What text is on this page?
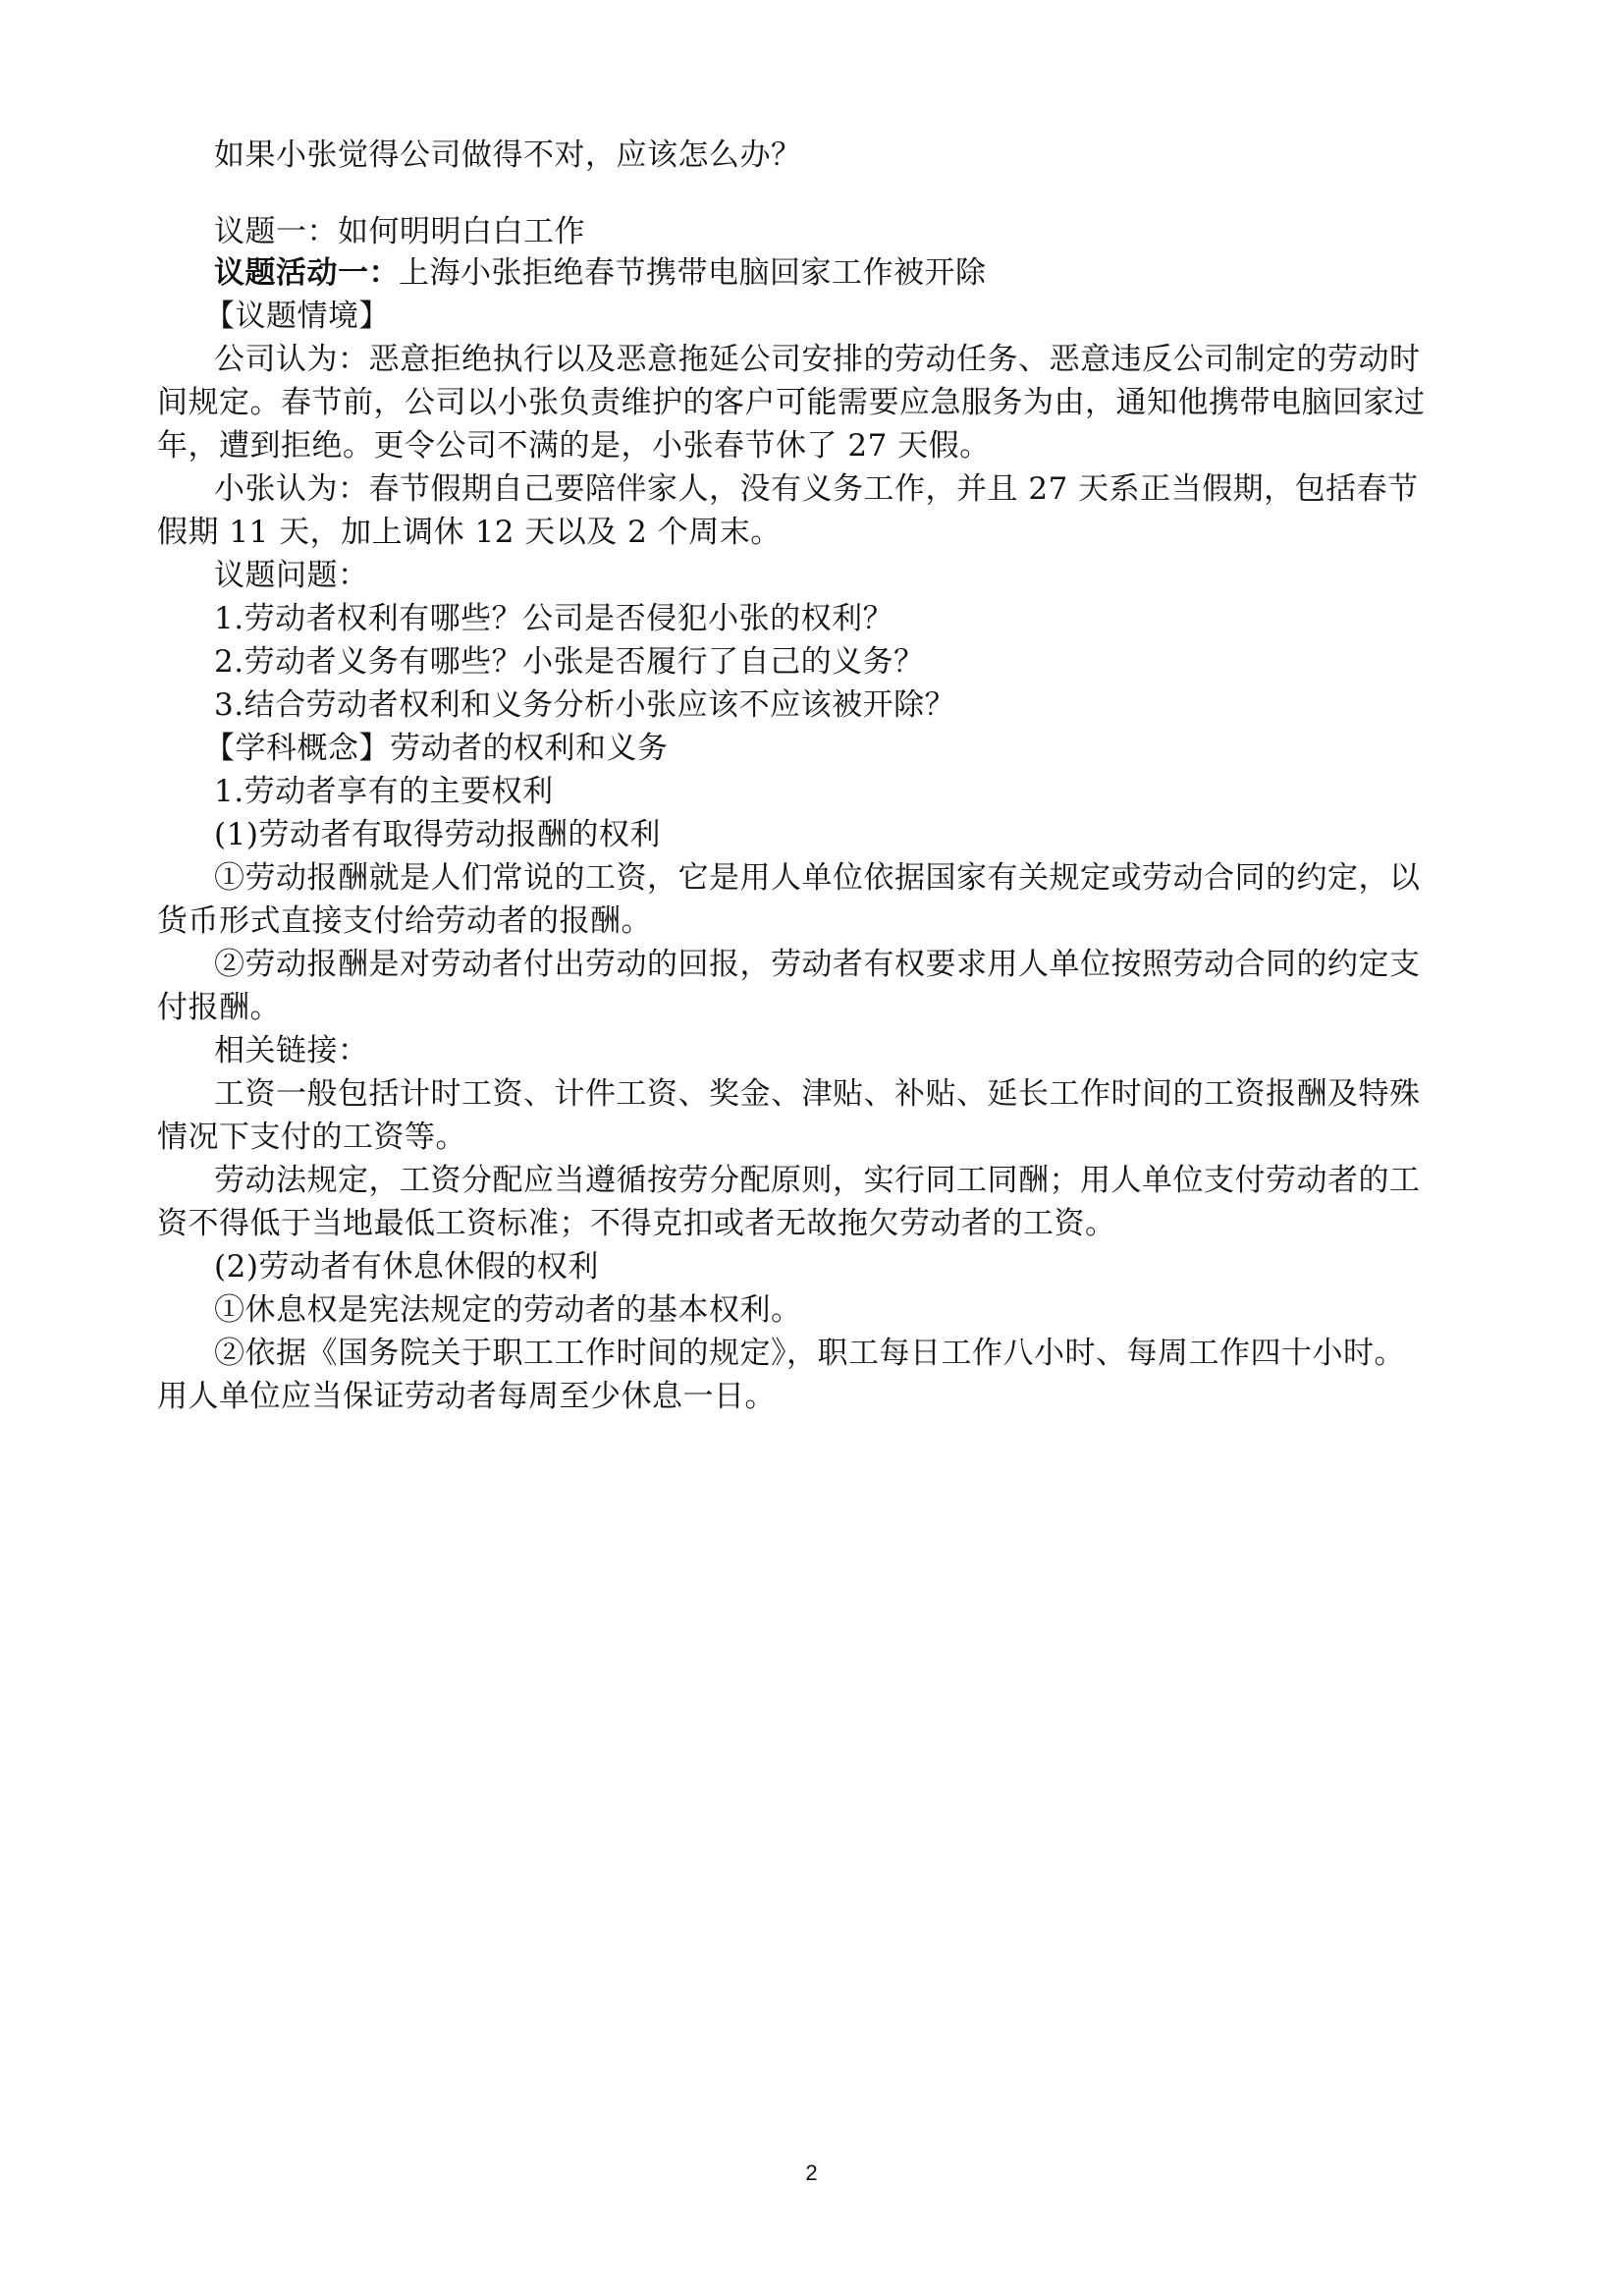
如果小张觉得公司做得不对，应该怎么办？
议题一：如何明明白白工作
议题活动一： 上海小张拒绝春节携带电脑回家工作被开除
【议题情境】
公司认为：恶意拒绝执行以及恶意拖延公司安排的劳动任务、恶意违反公司制定的劳动时
间规定。春节前，公司以小张负责维护的客户可能需要应急服务为由，通知他携带电脑回家过
年，遭到拒绝。更令公司不满的是，小张春节休了 27 天假。
小张认为：春节假期自己要陪伴家人，没有义务工作，并且 27 天系正当假期，包括春节
假期 11 天，加上调休 12 天以及 2 个周末。
议题问题：
1.劳动者权利有哪些？公司是否侵犯小张的权利？
2.劳动者义务有哪些？小张是否履行了自己的义务？
3.结合劳动者权利和义务分析小张应该不应该被开除？
【学科概念】劳动者的权利和义务
1.劳动者享有的主要权利
(1)劳动者有取得劳动报酬的权利
①劳动报酬就是人们常说的工资，它是用人单位依据国家有关规定或劳动合同的约定，以
货币形式直接支付给劳动者的报酬。
②劳动报酬是对劳动者付出劳动的回报，劳动者有权要求用人单位按照劳动合同的约定支
付报酬。
相关链接：
工资一般包括计时工资、计件工资、奖金、津贴、补贴、延长工作时间的工资报酬及特殊
情况下支付的工资等。
劳动法规定，工资分配应当遵循按劳分配原则，实行同工同酬；用人单位支付劳动者的工
资不得低于当地最低工资标准；不得克扣或者无故拖欠劳动者的工资。
(2)劳动者有休息休假的权利
①休息权是宪法规定的劳动者的基本权利。
②依据《国务院关于职工工作时间的规定》，职工每日工作八小时、每周工作四十小时。
用人单位应当保证劳动者每周至少休息一日。
2
